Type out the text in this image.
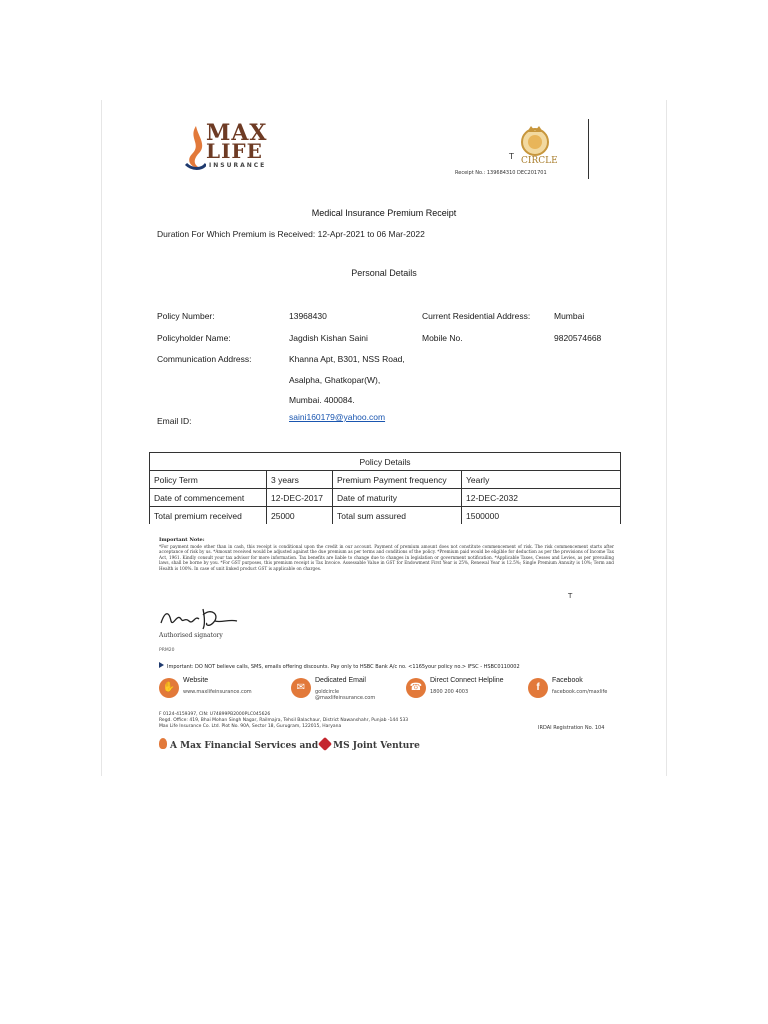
MAX
LIFE
INSURANCE
T CIRCLE
Receipt No.: 139684310 DEC201701
Medical Insurance Premium Receipt
Duration For Which Premium is Received: 12-Apr-2021 to 06 Mar-2022
Personal Details
Policy Number:	13968430	Current Residential Address:	Mumbai
Policyholder Name:	Jagdish Kishan Saini	Mobile No.	9820574668
Communication Address:	Khanna Apt, B301, NSS Road,
Asalpha, Ghatkopar(W),
Mumbai. 400084.
Email ID:	saini160179@yahoo.com
Policy Details			
Policy Term	3 years	Premium Payment frequency	Yearly
Date of commencement	12-DEC-2017	Date of maturity	12-DEC-2032
Total premium received	25000	Total sum assured	1500000
Important Note:
*For payment mode other than in cash, this receipt is conditional upon the credit in our account. Payment of premium amount does not constitute commencement of risk. The risk commencement starts after acceptance of risk by us. *Amount received would be adjusted against the due premium as per terms and conditions of the policy. *Premium paid would be eligible for deduction as per the provisions of Income Tax Act, 1961. Kindly consult your tax advisor for more information. Tax benefits are liable to change due to changes in legislation or government notification. *Applicable Taxes, Cesses and Levies, as per prevailing laws, shall be borne by you. *For GST purposes, this premium receipt is Tax Invoice. Assessable Value in GST for Endowment First Year is 25%, Renewal Year is 12.5%; Single Premium Annuity is 10%; Term and Health is 100%. In case of unit linked product GST is applicable on charges.
T
Authorised signatory
PRM20
Important: DO NOT believe calls, SMS, emails offering discounts. Pay only to HSBC Bank A/c no. <1165your policy no.> IFSC - HSBC0110002
✋
Website
www.maxlifeinsurance.com	✉
Dedicated Email
goldcircle
@maxlifeinsurance.com
☎
Direct Connect Helpline
1800 200 4003	f
Facebook
facebook.com/maxlife
F 0124-4159397, CIN: U74899PB2000PLC045626
Regd. Office: 419, Bhai Mohan Singh Nagar, Railmajra, Tehsil Balachaur, District Nawanshahr, Punjab -144 533
Max Life Insurance Co. Ltd. Plot No. 90A, Sector 18, Gurugram, 122015, Haryana	IRDAI Registration No. 104
A Max Financial Services and MS Joint Venture
